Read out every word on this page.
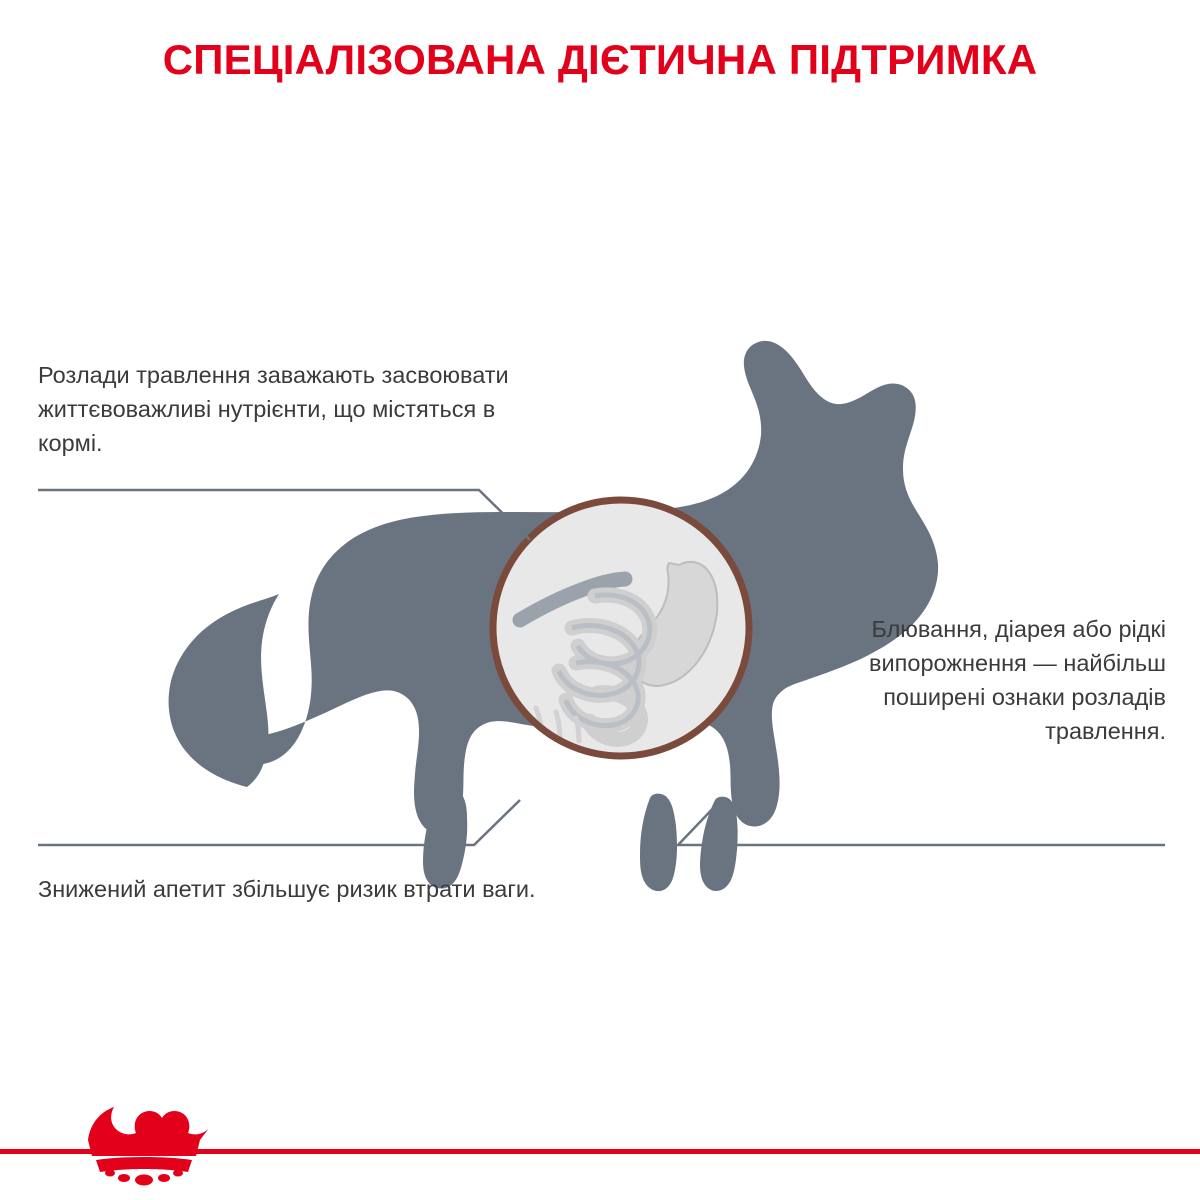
СПЕЦІАЛІЗОВАНА ДІЄТИЧНА ПІДТРИМКА
Розлади травлення заважають засвоювати життєвоважливі нутрієнти, що містяться в кормі.
Блювання, діарея або рідкі випорожнення — найбільш поширені ознаки розладів травлення.
Знижений апетит збільшує ризик втрати ваги.
